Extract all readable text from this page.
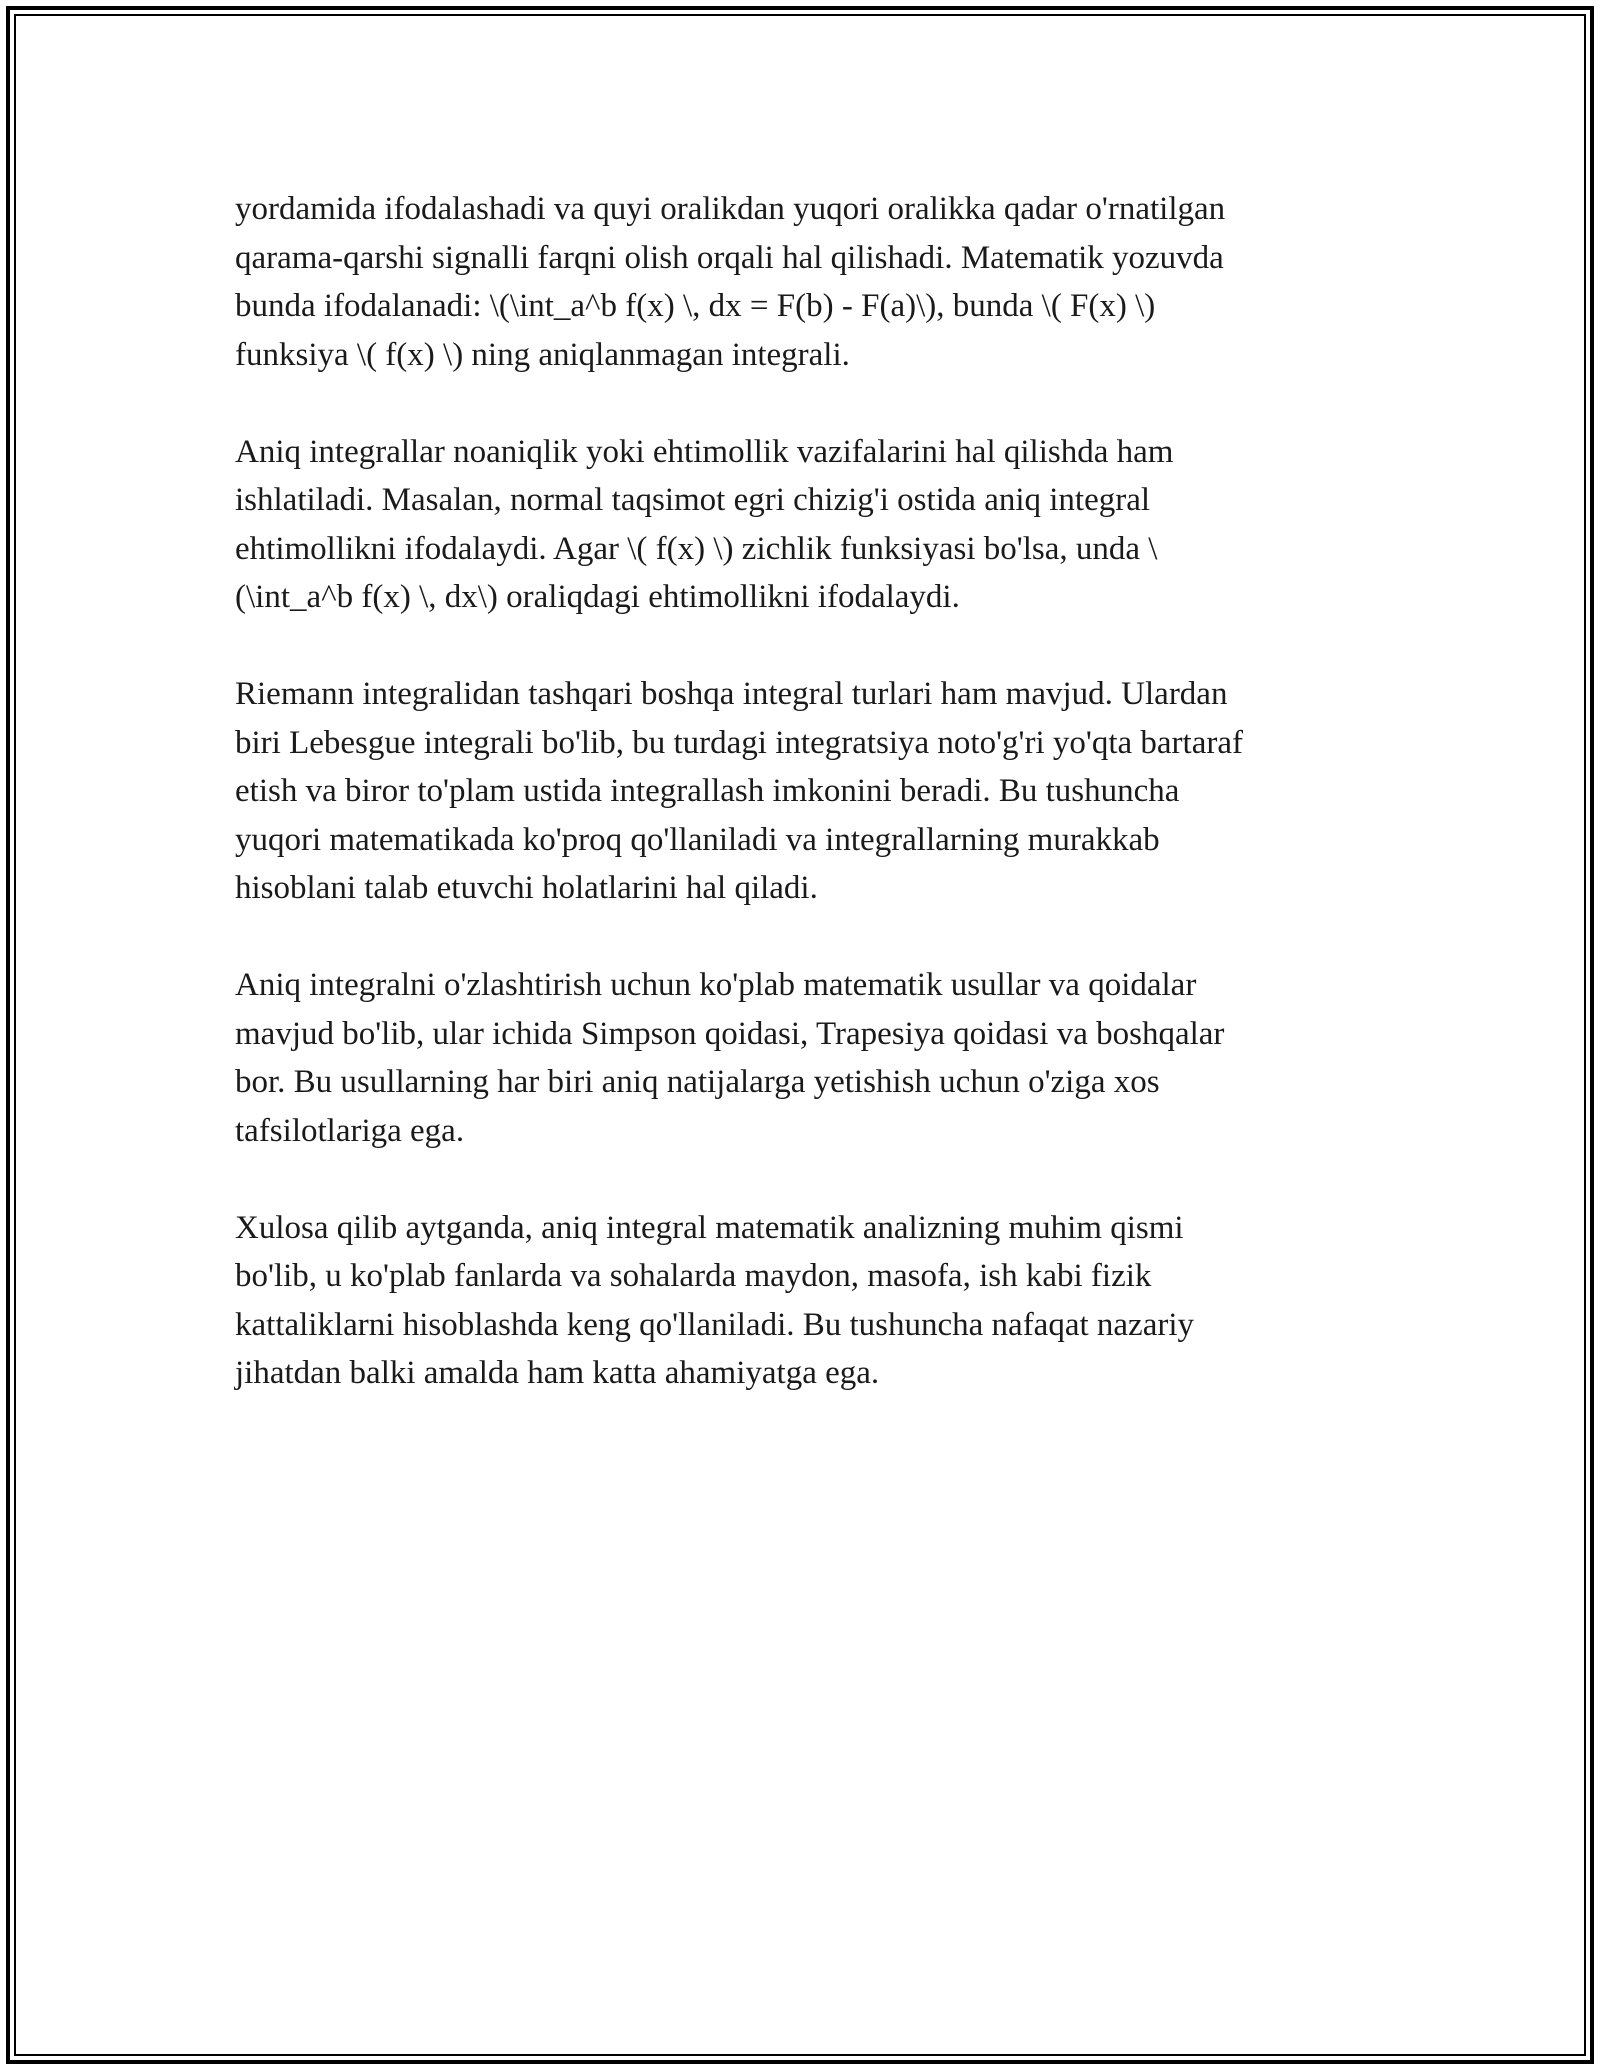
yordamida ifodalashadi va quyi oralikdan yuqori oralikka qadar o'rnatilgan
qarama-qarshi signalli farqni olish orqali hal qilishadi. Matematik yozuvda
bunda ifodalanadi: \(\int_a^b f(x) \, dx = F(b) - F(a)\), bunda \( F(x) \)
funksiya \( f(x) \) ning aniqlanmagan integrali.

Aniq integrallar noaniqlik yoki ehtimollik vazifalarini hal qilishda ham
ishlatiladi. Masalan, normal taqsimot egri chizig'i ostida aniq integral
ehtimollikni ifodalaydi. Agar \( f(x) \) zichlik funksiyasi bo'lsa, unda \
(\int_a^b f(x) \, dx\) oraliqdagi ehtimollikni ifodalaydi.

Riemann integralidan tashqari boshqa integral turlari ham mavjud. Ulardan
biri Lebesgue integrali bo'lib, bu turdagi integratsiya noto'g'ri yo'qta bartaraf
etish va biror to'plam ustida integrallash imkonini beradi. Bu tushuncha
yuqori matematikada ko'proq qo'llaniladi va integrallarning murakkab
hisoblani talab etuvchi holatlarini hal qiladi.

Aniq integralni o'zlashtirish uchun ko'plab matematik usullar va qoidalar
mavjud bo'lib, ular ichida Simpson qoidasi, Trapesiya qoidasi va boshqalar
bor. Bu usullarning har biri aniq natijalarga yetishish uchun o'ziga xos
tafsilotlariga ega.

Xulosa qilib aytganda, aniq integral matematik analizning muhim qismi
bo'lib, u ko'plab fanlarda va sohalarda maydon, masofa, ish kabi fizik
kattaliklarni hisoblashda keng qo'llaniladi. Bu tushuncha nafaqat nazariy
jihatdan balki amalda ham katta ahamiyatga ega.
